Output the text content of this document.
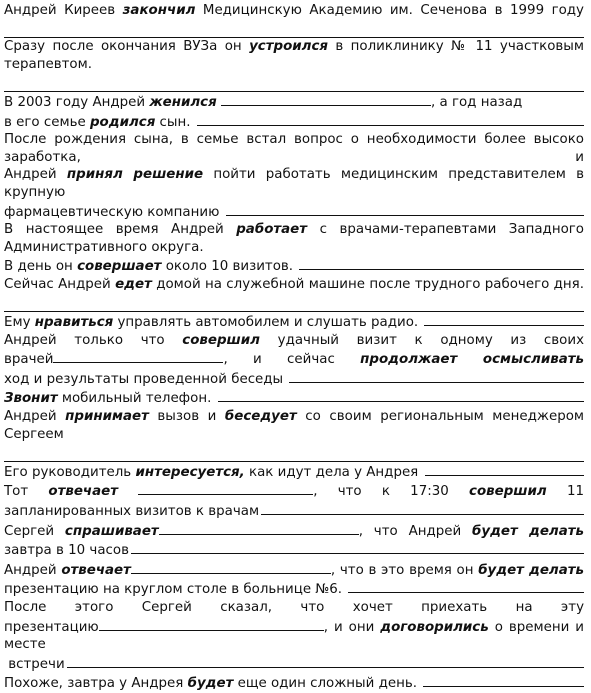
Андрей Киреев закончил Медицинскую Академию им. Сеченова в 1999 году
Сразу после окончания ВУЗа он устроился в поликлинику № 11 участковым терапевтом.
В 2003 году Андрей женился
	, а год назад
в его семье родился сын.
После рождения сына, в семье встал вопрос о необходимости более высоко заработка, и
Андрей принял решение пойти работать медицинским представителем в крупную
фармацевтическую компанию
В настоящее время Андрей работает с врачами-терапевтами Западного
Административного округа.
В день он совершает около 10 визитов.
Сейчас Андрей едет домой на служебной машине после трудного рабочего дня.
Ему нравиться управлять автомобилем и слушать радио.
Андрей только что совершил удачный визит к одному из своих
врачей	, и сейчас продолжает осмысливать
ход и результаты проведенной беседы
Звонит мобильный телефон.
Андрей принимает вызов и беседует со своим региональным менеджером Сергеем
Его руководитель интересуется, как идут дела у Андрея
Тот отвечает	, что к 17:30 совершил 11
запланированных визитов к врачам
Сергей спрашивает	, что Андрей будет делать
завтра в 10 часов
Андрей отвечает	, что в это время он будет делать
презентацию на круглом столе в больнице №6.
После этого Сергей сказал, что хочет приехать на эту
презентацию	, и они договорились о времени и месте
встречи
Похоже, завтра у Андрея будет еще один сложный день.
